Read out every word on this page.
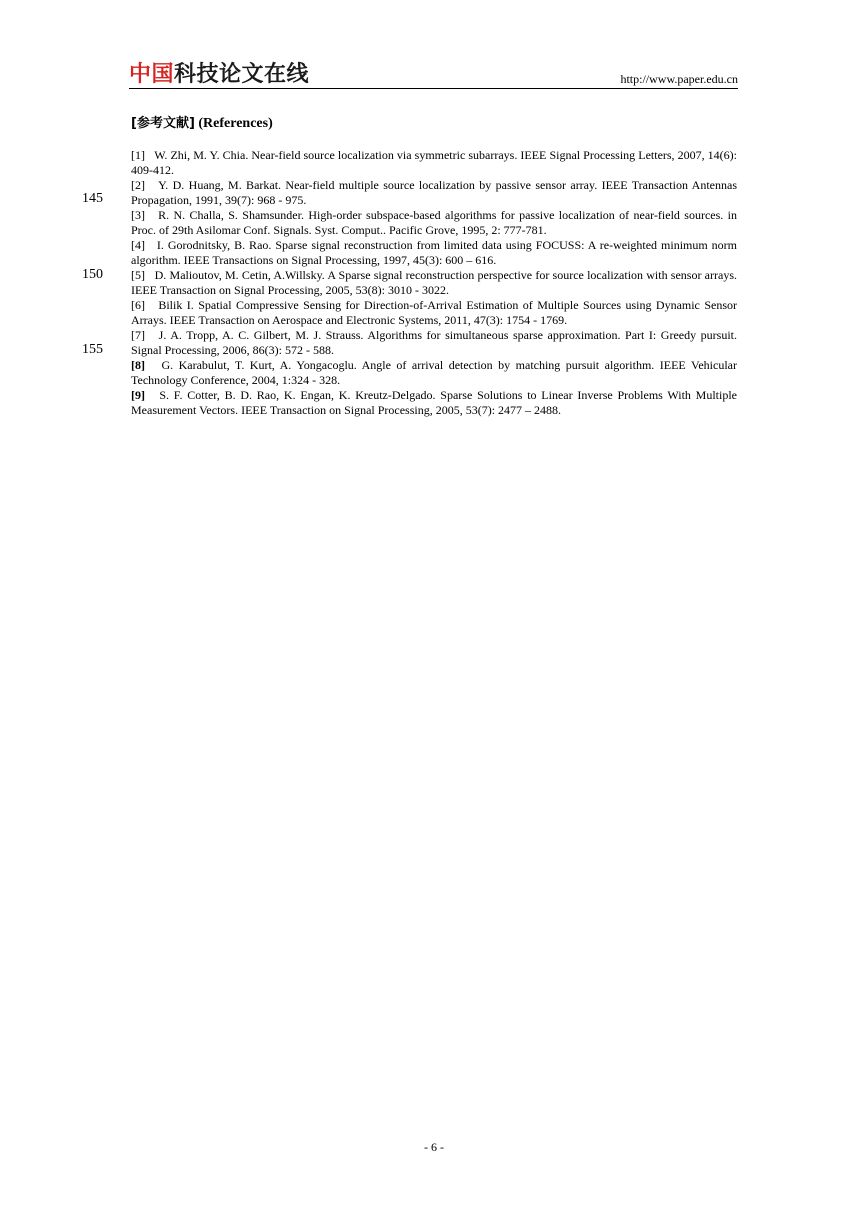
中国科技论文在线	http://www.paper.edu.cn
[参考文献] (References)
145
150
155
[1] W. Zhi, M. Y. Chia. Near-field source localization via symmetric subarrays. IEEE Signal Processing Letters, 2007, 14(6): 409-412.
[2] Y. D. Huang, M. Barkat. Near-field multiple source localization by passive sensor array. IEEE Transaction Antennas Propagation, 1991, 39(7): 968 - 975.
[3] R. N. Challa, S. Shamsunder. High-order subspace-based algorithms for passive localization of near-field sources. in Proc. of 29th Asilomar Conf. Signals. Syst. Comput.. Pacific Grove, 1995, 2: 777-781.
[4] I. Gorodnitsky, B. Rao. Sparse signal reconstruction from limited data using FOCUSS: A re-weighted minimum norm algorithm. IEEE Transactions on Signal Processing, 1997, 45(3): 600 – 616.
[5] D. Malioutov, M. Cetin, A.Willsky. A Sparse signal reconstruction perspective for source localization with sensor arrays. IEEE Transaction on Signal Processing, 2005, 53(8): 3010 - 3022.
[6] Bilik I. Spatial Compressive Sensing for Direction-of-Arrival Estimation of Multiple Sources using Dynamic Sensor Arrays. IEEE Transaction on Aerospace and Electronic Systems, 2011, 47(3): 1754 - 1769.
[7] J. A. Tropp, A. C. Gilbert, M. J. Strauss. Algorithms for simultaneous sparse approximation. Part I: Greedy pursuit. Signal Processing, 2006, 86(3): 572 - 588.
[8] G. Karabulut, T. Kurt, A. Yongacoglu. Angle of arrival detection by matching pursuit algorithm. IEEE Vehicular Technology Conference, 2004, 1:324 - 328.
[9] S. F. Cotter, B. D. Rao, K. Engan, K. Kreutz-Delgado. Sparse Solutions to Linear Inverse Problems With Multiple Measurement Vectors. IEEE Transaction on Signal Processing, 2005, 53(7): 2477 – 2488.
- 6 -
